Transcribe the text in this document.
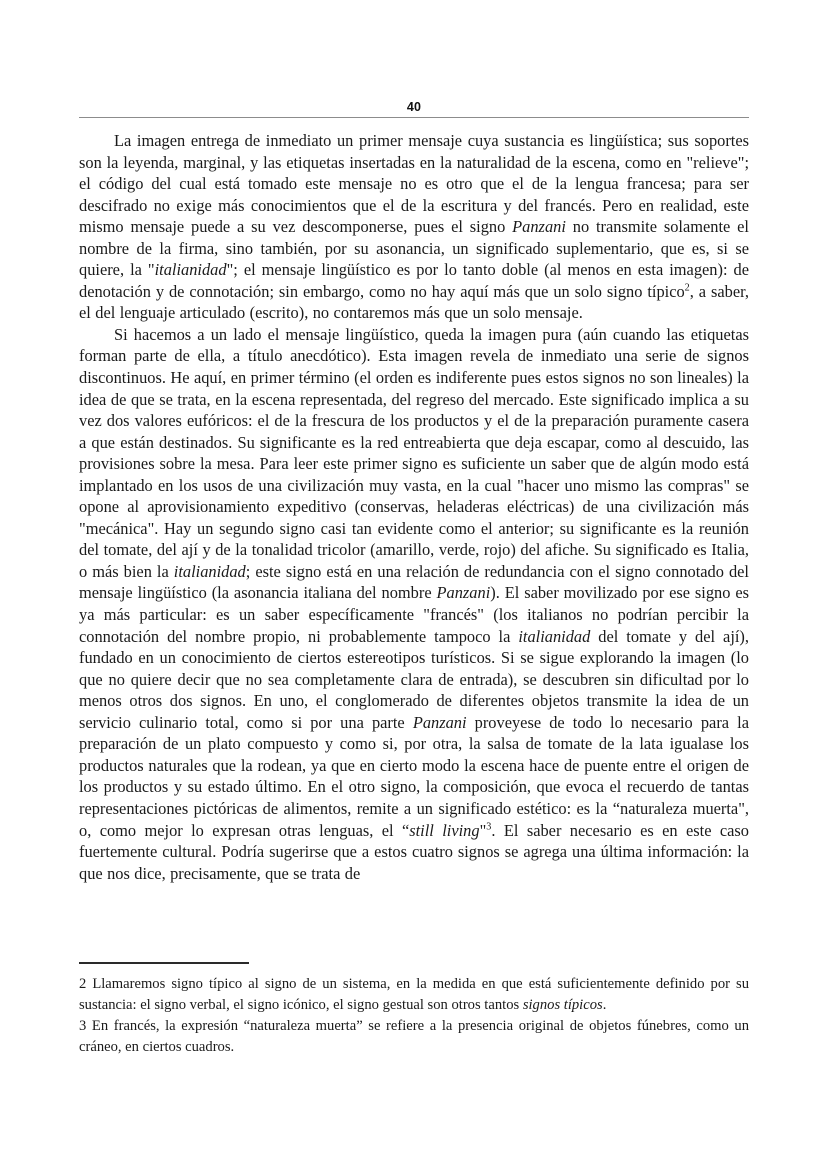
40

La imagen entrega de inmediato un primer mensaje cuya sustancia es lingüística; sus soportes son la leyenda, marginal, y las etiquetas insertadas en la naturalidad de la escena, como en "relieve"; el código del cual está tomado este mensaje no es otro que el de la lengua francesa; para ser descifrado no exige más conocimientos que el de la escritura y del francés. Pero en realidad, este mismo mensaje puede a su vez descomponerse, pues el signo Panzani no transmite solamente el nombre de la firma, sino también, por su asonancia, un significado suplementario, que es, si se quiere, la "italianidad"; el mensaje lingüístico es por lo tanto doble (al menos en esta imagen): de denotación y de connotación; sin embargo, como no hay aquí más que un solo signo típico$^2$, a saber, el del lenguaje articulado (escrito), no contaremos más que un solo mensaje.

Si hacemos a un lado el mensaje lingüístico, queda la imagen pura (aún cuando las etiquetas forman parte de ella, a título anecdótico). Esta imagen revela de inmediato una serie de signos discontinuos. He aquí, en primer término (el orden es indiferente pues estos signos no son lineales) la idea de que se trata, en la escena representada, del regreso del mercado. Este significado implica a su vez dos valores eufóricos: el de la frescura de los productos y el de la preparación puramente casera a que están destinados. Su significante es la red entreabierta que deja escapar, como al descuido, las provisiones sobre la mesa. Para leer este primer signo es suficiente un saber que de algún modo está implantado en los usos de una civilización muy vasta, en la cual "hacer uno mismo las compras" se opone al aprovisionamiento expeditivo (conservas, heladeras eléctricas) de una civilización más "mecánica". Hay un segundo signo casi tan evidente como el anterior; su significante es la reunión del tomate, del ají y de la tonalidad tricolor (amarillo, verde, rojo) del afiche. Su significado es Italia, o más bien la italianidad; este signo está en una relación de redundancia con el signo connotado del mensaje lingüístico (la asonancia italiana del nombre Panzani). El saber movilizado por ese signo es ya más particular: es un saber específicamente "francés" (los italianos no podrían percibir la connotación del nombre propio, ni probablemente tampoco la italianidad del tomate y del ají), fundado en un conocimiento de ciertos estereotipos turísticos. Si se sigue explorando la imagen (lo que no quiere decir que no sea completamente clara de entrada), se descubren sin dificultad por lo menos otros dos signos. En uno, el conglomerado de diferentes objetos transmite la idea de un servicio culinario total, como si por una parte Panzani proveyese de todo lo necesario para la preparación de un plato compuesto y como si, por otra, la salsa de tomate de la lata igualase los productos naturales que la rodean, ya que en cierto modo la escena hace de puente entre el origen de los productos y su estado último. En el otro signo, la composición, que evoca el recuerdo de tantas representaciones pictóricas de alimentos, remite a un significado estético: es la “naturaleza muerta", o, como mejor lo expresan otras lenguas, el “still living"$^3$. El saber necesario es en este caso fuertemente cultural. Podría sugerirse que a estos cuatro signos se agrega una última información: la que nos dice, precisamente, que se trata de

2 Llamaremos signo típico al signo de un sistema, en la medida en que está suficientemente definido por su sustancia: el signo verbal, el signo icónico, el signo gestual son otros tantos signos típicos.

3 En francés, la expresión “naturaleza muerta” se refiere a la presencia original de objetos fúnebres, como un cráneo, en ciertos cuadros.
